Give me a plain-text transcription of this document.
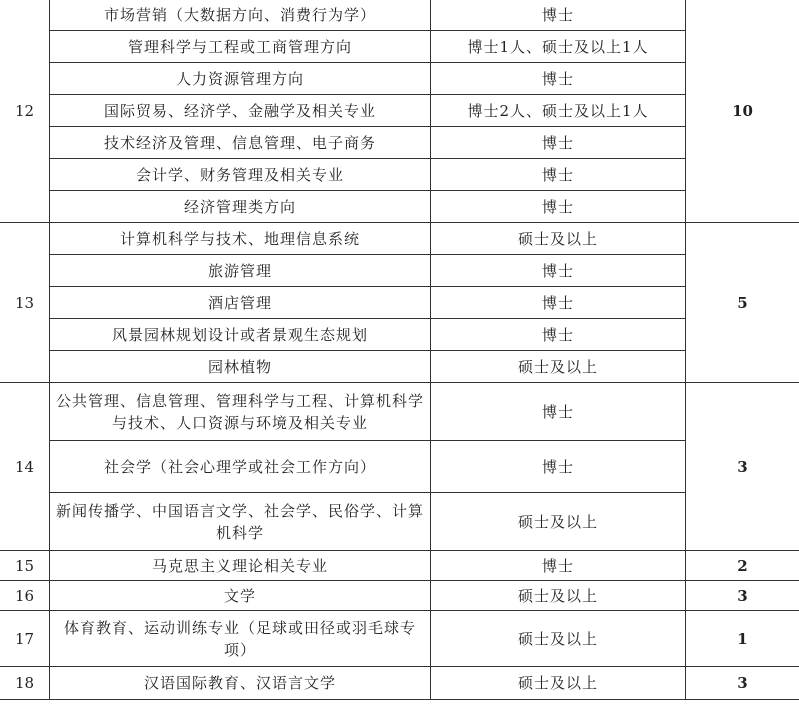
12	市场营销（大数据方向、消费行为学）	博士	10
	管理科学与工程或工商管理方向	博士1人、硕士及以上1人	
	人力资源管理方向	博士	
	国际贸易、经济学、金融学及相关专业	博士2人、硕士及以上1人	
	技术经济及管理、信息管理、电子商务	博士	
	会计学、财务管理及相关专业	博士	
	经济管理类方向	博士	
13	计算机科学与技术、地理信息系统	硕士及以上	5
	旅游管理	博士	
	酒店管理	博士	
	风景园林规划设计或者景观生态规划	博士	
	园林植物	硕士及以上	
14	公共管理、信息管理、管理科学与工程、计算机科学与技术、人口资源与环境及相关专业	博士	3
	社会学（社会心理学或社会工作方向）	博士	
	新闻传播学、中国语言文学、社会学、民俗学、计算机科学	硕士及以上	
15	马克思主义理论相关专业	博士	2
16	文学	硕士及以上	3
17	体育教育、运动训练专业（足球或田径或羽毛球专项）	硕士及以上	1
18	汉语国际教育、汉语言文学	硕士及以上	3
